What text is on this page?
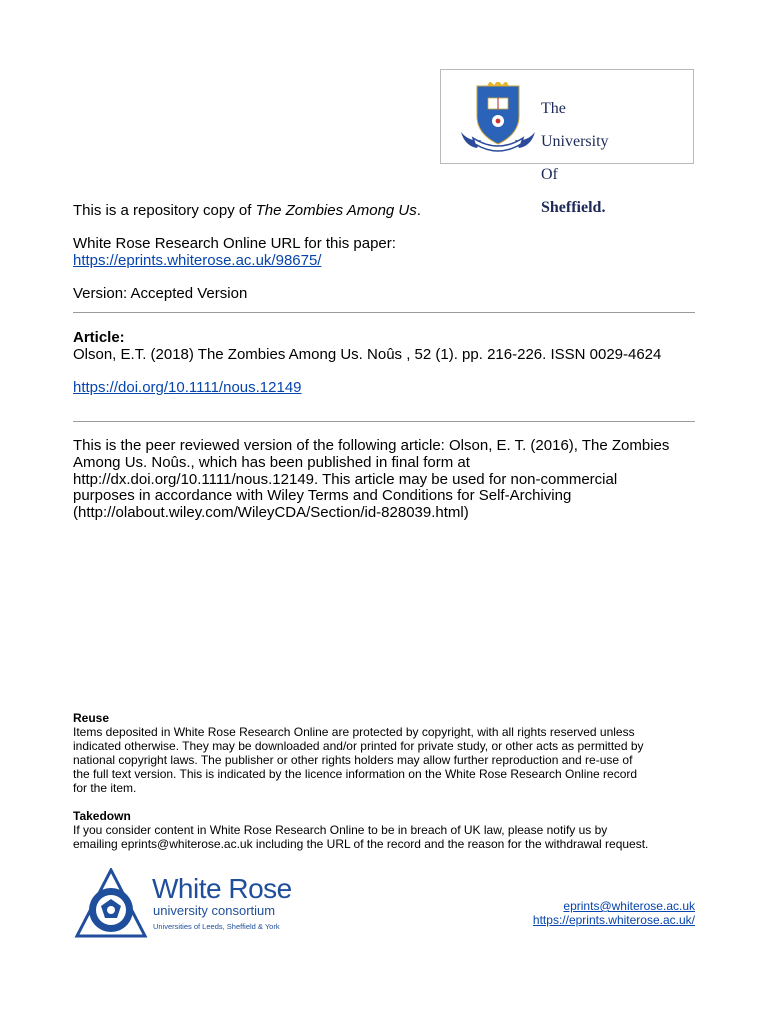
The

University

Of

Sheffield.

This is a repository copy of The Zombies Among Us.
White Rose Research Online URL for this paper:
https://eprints.whiterose.ac.uk/98675/
Version: Accepted Version
Article:
Olson, E.T. (2018) The Zombies Among Us. Noûs , 52 (1). pp. 216-226. ISSN 0029-4624
https://doi.org/10.1111/nous.12149
This is the peer reviewed version of the following article: Olson, E. T. (2016), The Zombies
Among Us. Noûs., which has been published in final form at
http://dx.doi.org/10.1111/nous.12149. This article may be used for non-commercial
purposes in accordance with Wiley Terms and Conditions for Self-Archiving
(http://olabout.wiley.com/WileyCDA/Section/id-828039.html)
Reuse
Items deposited in White Rose Research Online are protected by copyright, with all rights reserved unless
indicated otherwise. They may be downloaded and/or printed for private study, or other acts as permitted by
national copyright laws. The publisher or other rights holders may allow further reproduction and re-use of
the full text version. This is indicated by the licence information on the White Rose Research Online record
for the item.
Takedown
If you consider content in White Rose Research Online to be in breach of UK law, please notify us by
emailing eprints@whiterose.ac.uk including the URL of the record and the reason for the withdrawal request.
White Rose
university consortium
Universities of Leeds, Sheffield & York
eprints@whiterose.ac.uk
https://eprints.whiterose.ac.uk/
